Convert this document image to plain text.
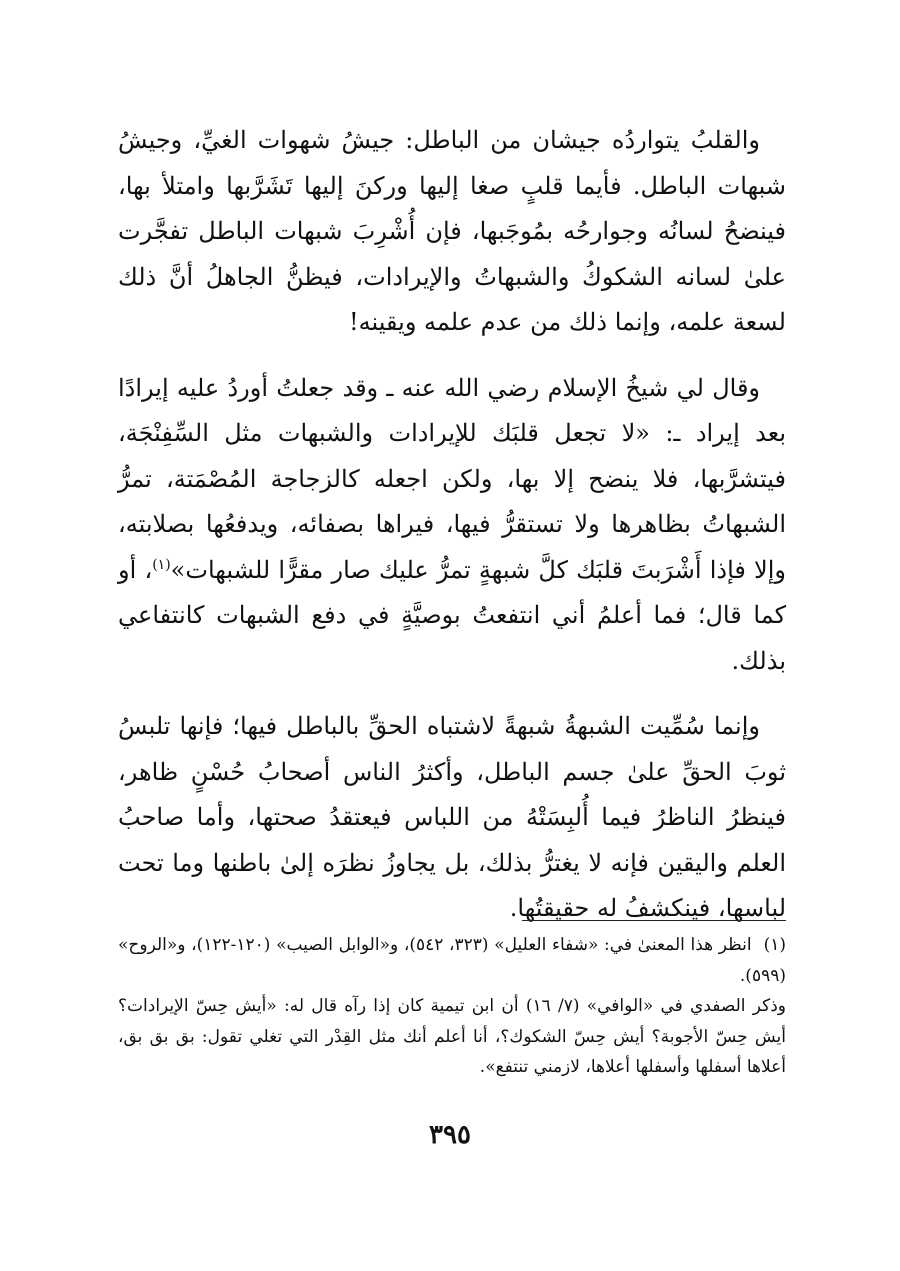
والقلبُ يتواردُه جيشان من الباطل: جيشُ شهوات الغيِّ، وجيشُ شبهات الباطل. فأيما قلبٍ صغا إليها وركنَ إليها تَشَرَّبها وامتلأ بها، فينضحُ لسانُه وجوارحُه بمُوجَبها، فإن أُشْرِبَ شبهات الباطل تفجَّرت علىٰ لسانه الشكوكُ والشبهاتُ والإيرادات، فيظنُّ الجاهلُ أنَّ ذلك لسعة علمه، وإنما ذلك من عدم علمه ويقينه!

وقال لي شيخُ الإسلام رضي الله عنه ـ وقد جعلتُ أوردُ عليه إيرادًا بعد إيراد ـ: «لا تجعل قلبَك للإيرادات والشبهات مثل السِّفِنْجَة، فيتشرَّبها، فلا ينضح إلا بها، ولكن اجعله كالزجاجة المُصْمَتة، تمرُّ الشبهاتُ بظاهرها ولا تستقرُّ فيها، فيراها بصفائه، ويدفعُها بصلابته، وإلا فإذا أَشْرَبتَ قلبَك كلَّ شبهةٍ تمرُّ عليك صار مقرًّا للشبهات»$^{(١)}$، أو كما قال؛ فما أعلمُ أني انتفعتُ بوصيَّةٍ في دفع الشبهات كانتفاعي بذلك.

وإنما سُمِّيت الشبهةُ شبهةً لاشتباه الحقِّ بالباطل فيها؛ فإنها تلبسُ ثوبَ الحقِّ علىٰ جسم الباطل، وأكثرُ الناس أصحابُ حُسْنٍ ظاهر، فينظرُ الناظرُ فيما أُلبِسَتْهُ من اللباس فيعتقدُ صحتها، وأما صاحبُ العلم واليقين فإنه لا يغترُّ بذلك، بل يجاوزُ نظرَه إلىٰ باطنها وما تحت لباسها، فينكشفُ له حقيقتُها.

(١)انظر هذا المعنىٰ في: «شفاء العليل» (٣٢٣، ٥٤٢)، و«الوابل الصيب» (١٢٠-١٢٢)، و«الروح» (٥٩٩).

وذكر الصفدي في «الوافي» (٧/ ١٦) أن ابن تيمية كان إذا رآه قال له: «أيش حِسّ الإيرادات؟ أيش حِسّ الأجوبة؟ أيش حِسّ الشكوك؟، أنا أعلم أنك مثل القِدْر التي تغلي تقول: بق بق بق، أعلاها أسفلها وأسفلها أعلاها، لازمني تنتفع».

٣٩٥
